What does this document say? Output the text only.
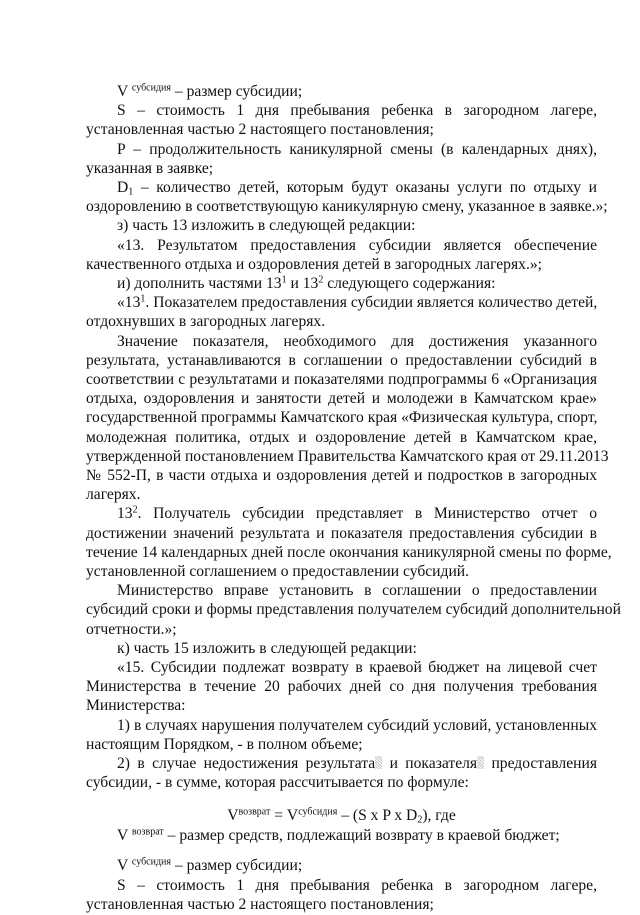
V $^{субсидия}$ – размер субсидии;
S – стоимость 1 дня пребывания ребенка в загородном лагере,
установленная частью 2 настоящего постановления;
P – продолжительность каникулярной смены (в календарных днях),
указанная в заявке;
$D_1$ – количество детей, которым будут оказаны услуги по отдыху и
оздоровлению в соответствующую каникулярную смену, указанное в заявке.»;
з) часть 13 изложить в следующей редакции:
«13. Результатом предоставления субсидии является обеспечение
качественного отдыха и оздоровления детей в загородных лагерях.»;
и) дополнить частями $13^1$ и $13^2$ следующего содержания:
«$13^1$. Показателем предоставления субсидии является количество детей,
отдохнувших в загородных лагерях.
Значение показателя, необходимого для достижения указанного
результата, устанавливаются в соглашении о предоставлении субсидий в
соответствии с результатами и показателями подпрограммы 6 «Организация
отдыха, оздоровления и занятости детей и молодежи в Камчатском крае»
государственной программы Камчатского края «Физическая культура, спорт,
молодежная политика, отдых и оздоровление детей в Камчатском крае,
утвержденной постановлением Правительства Камчатского края от 29.11.2013
№ 552-П, в части отдыха и оздоровления детей и подростков в загородных
лагерях.
$13^2$. Получатель субсидии представляет в Министерство отчет о
достижении значений результата и показателя предоставления субсидии в
течение 14 календарных дней после окончания каникулярной смены по форме,
установленной соглашением о предоставлении субсидий.
Министерство вправе установить в соглашении о предоставлении
субсидий сроки и формы представления получателем субсидий дополнительной
отчетности.»;
к) часть 15 изложить в следующей редакции:
«15. Субсидии подлежат возврату в краевой бюджет на лицевой счет
Министерства в течение 20 рабочих дней со дня получения требования
Министерства:
1) в случаях нарушения получателем субсидий условий, установленных
настоящим Порядком, - в полном объеме;
2) в случае недостижения результата и показателя предоставления
субсидии, - в сумме, которая рассчитывается по формуле:
$V^{возврат} = V^{субсидия} - (S$ x P x $D_2$), где
V $^{возврат}$ – размер средств, подлежащий возврату в краевой бюджет;
V $^{субсидия}$ – размер субсидии;
S – стоимость 1 дня пребывания ребенка в загородном лагере,
установленная частью 2 настоящего постановления;
